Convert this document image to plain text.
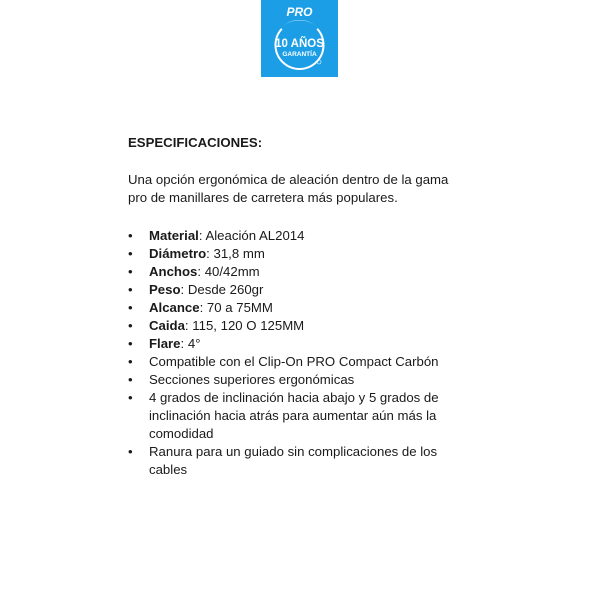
PRO
10 AÑOS
GARANTÍA
ESPECIFICACIONES:

Una opción ergonómica de aleación dentro de la gama pro de manillares de carretera más populares.

• Material: Aleación AL2014
• Diámetro: 31,8 mm
• Anchos: 40/42mm
• Peso: Desde 260gr
• Alcance: 70 a 75MM
• Caida: 115, 120 O 125MM
• Flare: 4°
• Compatible con el Clip-On PRO Compact Carbón
• Secciones superiores ergonómicas
• 4 grados de inclinación hacia abajo y 5 grados de inclinación hacia atrás para aumentar aún más la comodidad
• Ranura para un guiado sin complicaciones de los cables
